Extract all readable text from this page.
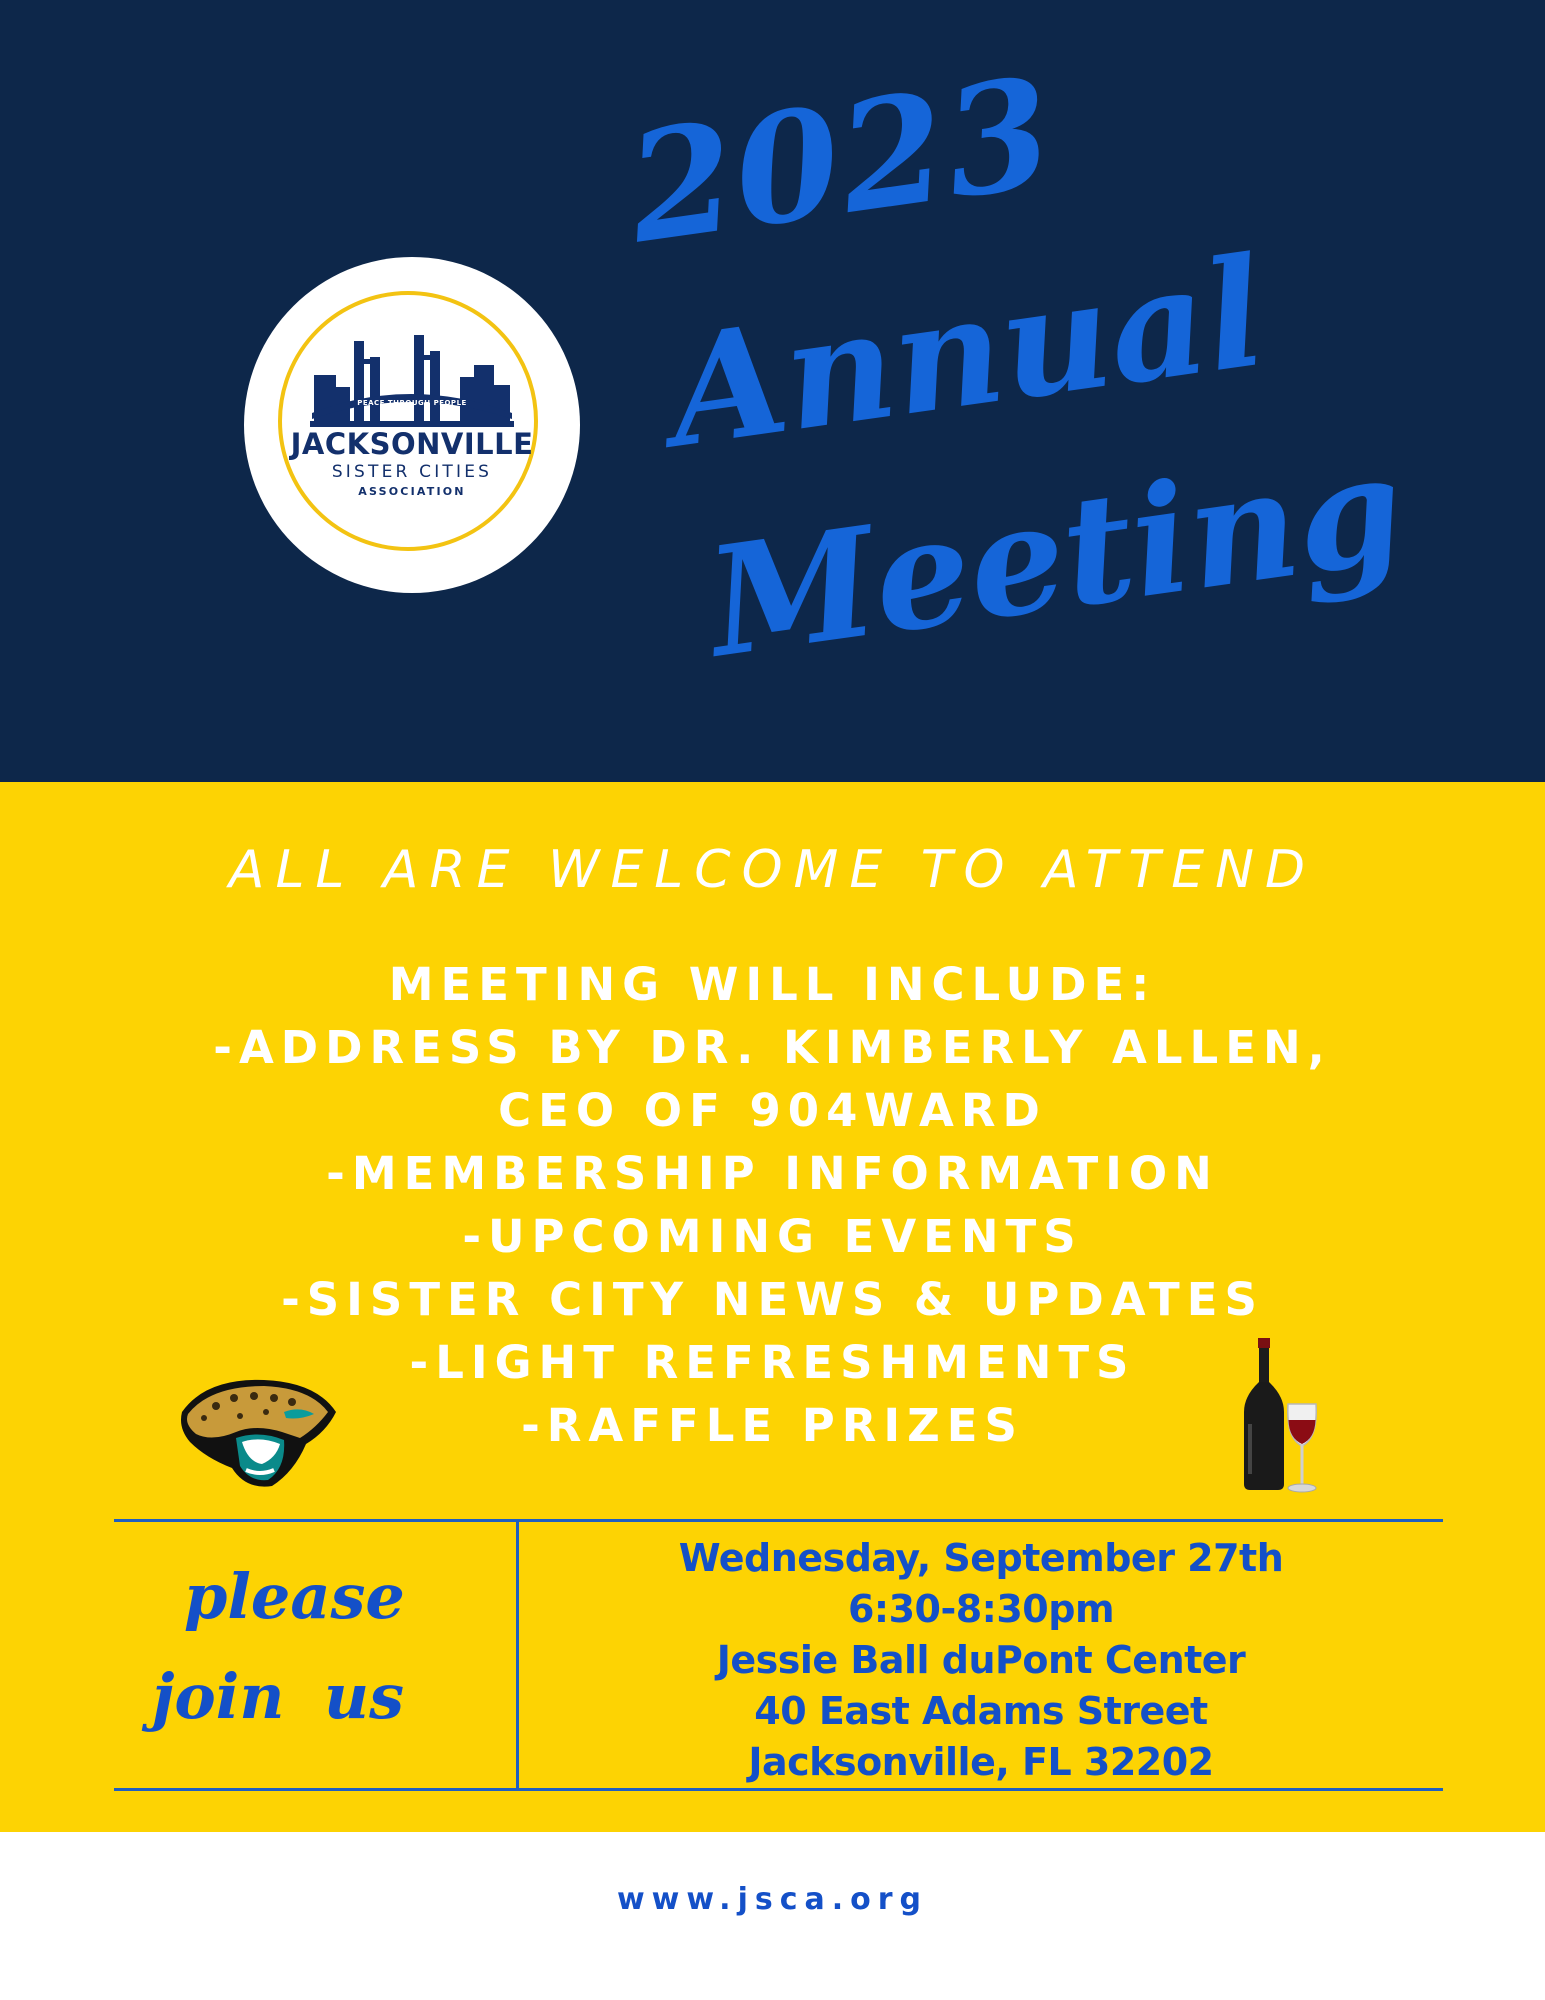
PEACE THROUGH PEOPLE
JACKSONVILLE
SISTER CITIES
ASSOCIATION
2023
Annual
Meeting
ALL ARE WELCOME TO ATTEND
MEETING WILL INCLUDE:
-ADDRESS BY DR. KIMBERLY ALLEN,
CEO OF 904WARD
-MEMBERSHIP INFORMATION
-UPCOMING EVENTS
-SISTER CITY NEWS & UPDATES
-LIGHT REFRESHMENTS
-RAFFLE PRIZES
please
join us
Wednesday, September 27th
6:30-8:30pm
Jessie Ball duPont Center
40 East Adams Street
Jacksonville, FL 32202
www.jsca.org
